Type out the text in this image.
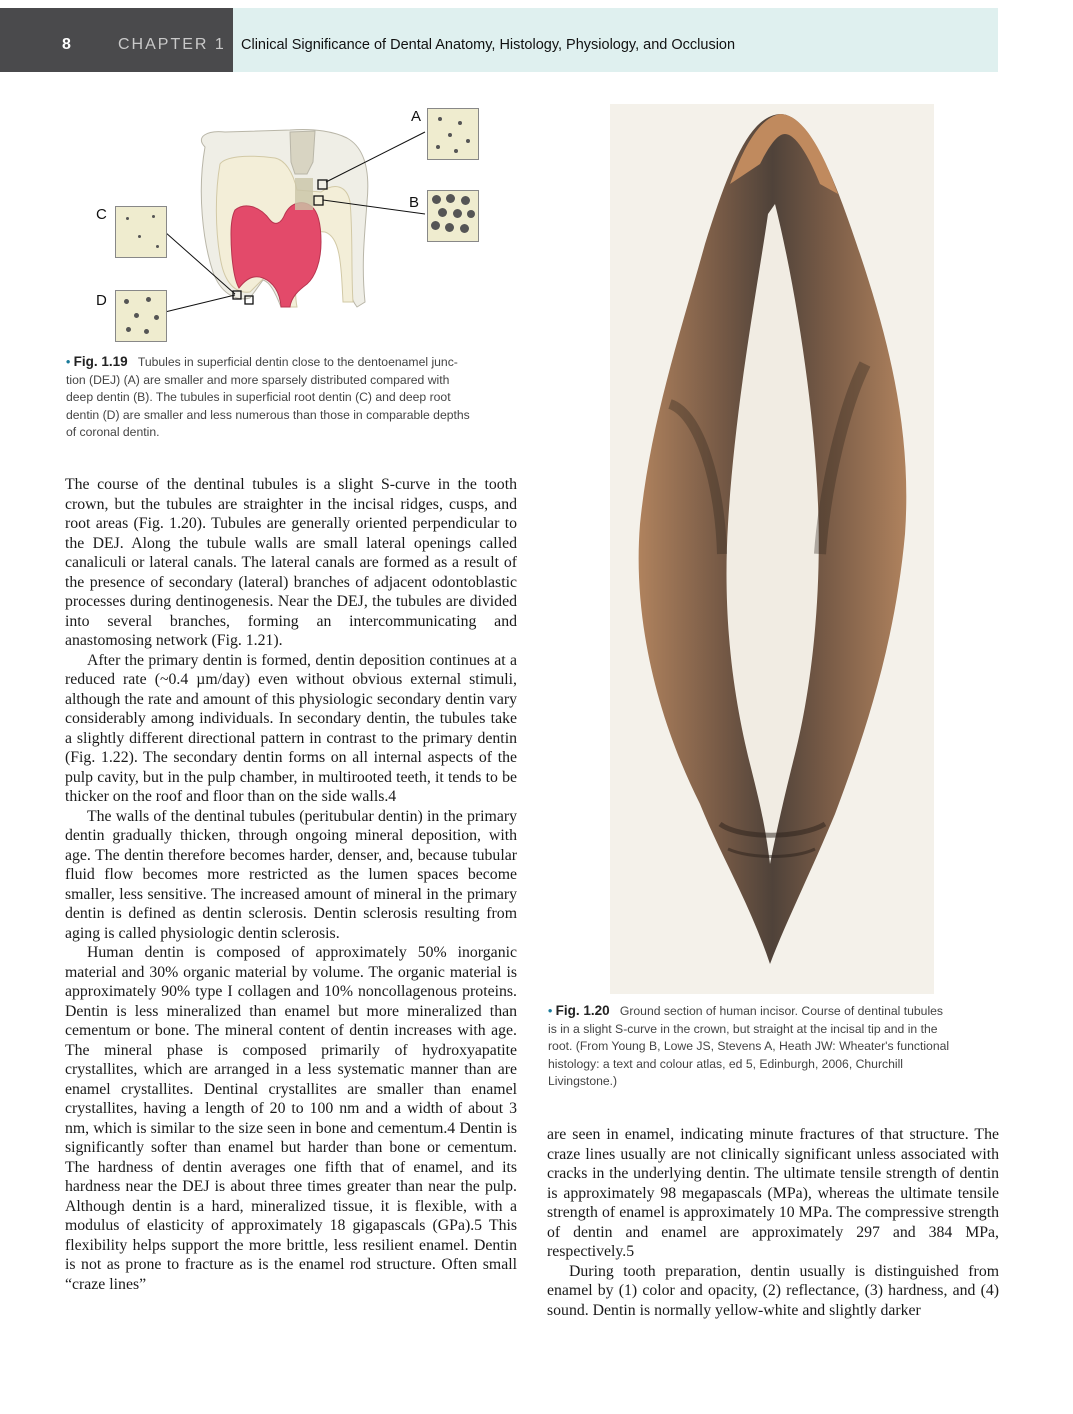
8	CHAPTER 1 Clinical Significance of Dental Anatomy, Histology, Physiology, and Occlusion
A
B
C
D
• Fig. 1.19 Tubules in superficial dentin close to the dentoenamel junc-
tion (DEJ) (A) are smaller and more sparsely distributed compared with
deep dentin (B). The tubules in superficial root dentin (C) and deep root
dentin (D) are smaller and less numerous than those in comparable depths
of coronal dentin.

The course of the dentinal tubules is a slight S-curve in the tooth crown, but the tubules are straighter in the incisal ridges, cusps, and root areas (Fig. 1.20). Tubules are generally oriented perpendicular to the DEJ. Along the tubule walls are small lateral openings called canaliculi or lateral canals. The lateral canals are formed as a result of the presence of secondary (lateral) branches of adjacent odontoblastic processes during dentinogenesis. Near the DEJ, the tubules are divided into several branches, forming an intercommunicating and anastomosing network (Fig. 1.21).

After the primary dentin is formed, dentin deposition continues at a reduced rate (~0.4 µm/day) even without obvious external stimuli, although the rate and amount of this physiologic secondary dentin vary considerably among individuals. In secondary dentin, the tubules take a slightly different directional pattern in contrast to the primary dentin (Fig. 1.22). The secondary dentin forms on all internal aspects of the pulp cavity, but in the pulp chamber, in multirooted teeth, it tends to be thicker on the roof and floor than on the side walls.4

The walls of the dentinal tubules (peritubular dentin) in the primary dentin gradually thicken, through ongoing mineral deposition, with age. The dentin therefore becomes harder, denser, and, because tubular fluid flow becomes more restricted as the lumen spaces become smaller, less sensitive. The increased amount of mineral in the primary dentin is defined as dentin sclerosis. Dentin sclerosis resulting from aging is called physiologic dentin sclerosis.

Human dentin is composed of approximately 50% inorganic material and 30% organic material by volume. The organic material is approximately 90% type I collagen and 10% noncollagenous proteins. Dentin is less mineralized than enamel but more mineralized than cementum or bone. The mineral content of dentin increases with age. The mineral phase is composed primarily of hydroxyapatite crystallites, which are arranged in a less systematic manner than are enamel crystallites. Dentinal crystallites are smaller than enamel crystallites, having a length of 20 to 100 nm and a width of about 3 nm, which is similar to the size seen in bone and cementum.4 Dentin is significantly softer than enamel but harder than bone or cementum. The hardness of dentin averages one fifth that of enamel, and its hardness near the DEJ is about three times greater than near the pulp. Although dentin is a hard, mineralized tissue, it is flexible, with a modulus of elasticity of approximately 18 gigapascals (GPa).5 This flexibility helps support the more brittle, less resilient enamel. Dentin is not as prone to fracture as is the enamel rod structure. Often small “craze lines”

• Fig. 1.20 Ground section of human incisor. Course of dentinal tubules
is in a slight S-curve in the crown, but straight at the incisal tip and in the
root. (From Young B, Lowe JS, Stevens A, Heath JW: Wheater's functional
histology: a text and colour atlas, ed 5, Edinburgh, 2006, Churchill
Livingstone.)

are seen in enamel, indicating minute fractures of that structure. The craze lines usually are not clinically significant unless associated with cracks in the underlying dentin. The ultimate tensile strength of dentin is approximately 98 megapascals (MPa), whereas the ultimate tensile strength of enamel is approximately 10 MPa. The compressive strength of dentin and enamel are approximately 297 and 384 MPa, respectively.5

During tooth preparation, dentin usually is distinguished from enamel by (1) color and opacity, (2) reflectance, (3) hardness, and (4) sound. Dentin is normally yellow-white and slightly darker
